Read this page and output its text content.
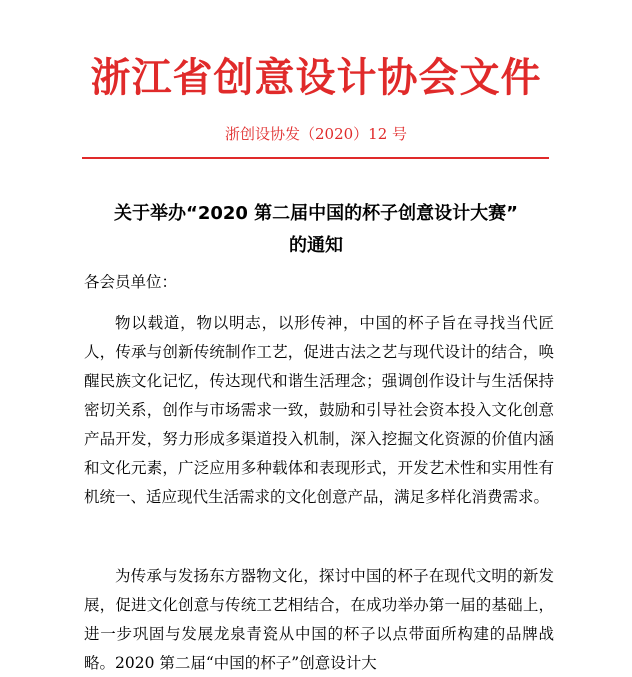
浙江省创意设计协会文件
浙创设协发（2020）12 号
关于举办“2020 第二届中国的杯子创意设计大赛”
的通知
各会员单位：
物以载道，物以明志，以形传神，中国的杯子旨在寻找当代匠人，传承与创新传统制作工艺，促进古法之艺与现代设计的结合，唤醒民族文化记忆，传达现代和谐生活理念；强调创作设计与生活保持密切关系，创作与市场需求一致，鼓励和引导社会资本投入文化创意产品开发，努力形成多渠道投入机制，深入挖掘文化资源的价值内涵和文化元素，广泛应用多种载体和表现形式，开发艺术性和实用性有机统一、适应现代生活需求的文化创意产品，满足多样化消费需求。
为传承与发扬东方器物文化，探讨中国的杯子在现代文明的新发展，促进文化创意与传统工艺相结合，在成功举办第一届的基础上，进一步巩固与发展龙泉青瓷从中国的杯子以点带面所构建的品牌战略。2020 第二届“中国的杯子”创意设计大
